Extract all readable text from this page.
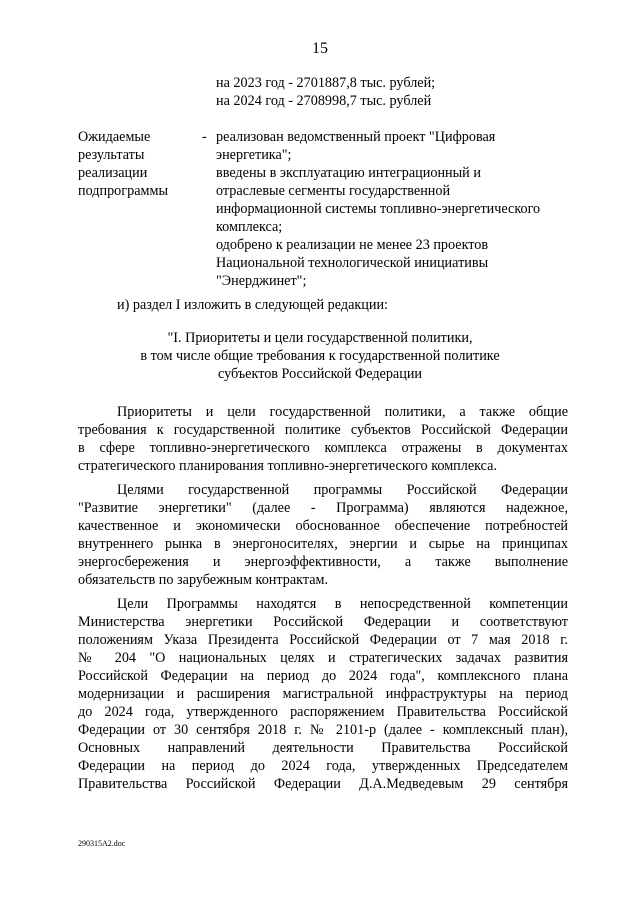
15
на 2023 год - 2701887,8 тыс. рублей;
на 2024 год - 2708998,7 тыс. рублей
Ожидаемые
результаты
реализации
подпрограммы
- реализован ведомственный проект "Цифровая
энергетика";
введены в эксплуатацию интеграционный и
отраслевые сегменты государственной
информационной системы топливно-энергетического
комплекса;
одобрено к реализации не менее 23 проектов
Национальной технологической инициативы
"Энерджинет";
и) раздел I изложить в следующей редакции:
"I. Приоритеты и цели государственной политики,
в том числе общие требования к государственной политике
субъектов Российской Федерации
Приоритеты и цели государственной политики, а также общие
требования к государственной политике субъектов Российской Федерации
в сфере топливно-энергетического комплекса отражены в документах
стратегического планирования топливно-энергетического комплекса.
Целями государственной программы Российской Федерации
"Развитие энергетики" (далее - Программа) являются надежное,
качественное и экономически обоснованное обеспечение потребностей
внутреннего рынка в энергоносителях, энергии и сырье на принципах
энергосбережения и энергоэффективности, а также выполнение
обязательств по зарубежным контрактам.
Цели Программы находятся в непосредственной компетенции
Министерства энергетики Российской Федерации и соответствуют
положениям Указа Президента Российской Федерации от 7 мая 2018 г.
№ 204 "О национальных целях и стратегических задачах развития
Российской Федерации на период до 2024 года", комплексного плана
модернизации и расширения магистральной инфраструктуры на период
до 2024 года, утвержденного распоряжением Правительства Российской
Федерации от 30 сентября 2018 г. № 2101-р (далее - комплексный план),
Основных направлений деятельности Правительства Российской
Федерации на период до 2024 года, утвержденных Председателем
Правительства Российской Федерации Д.А.Медведевым 29 сентября
290315А2.doc
